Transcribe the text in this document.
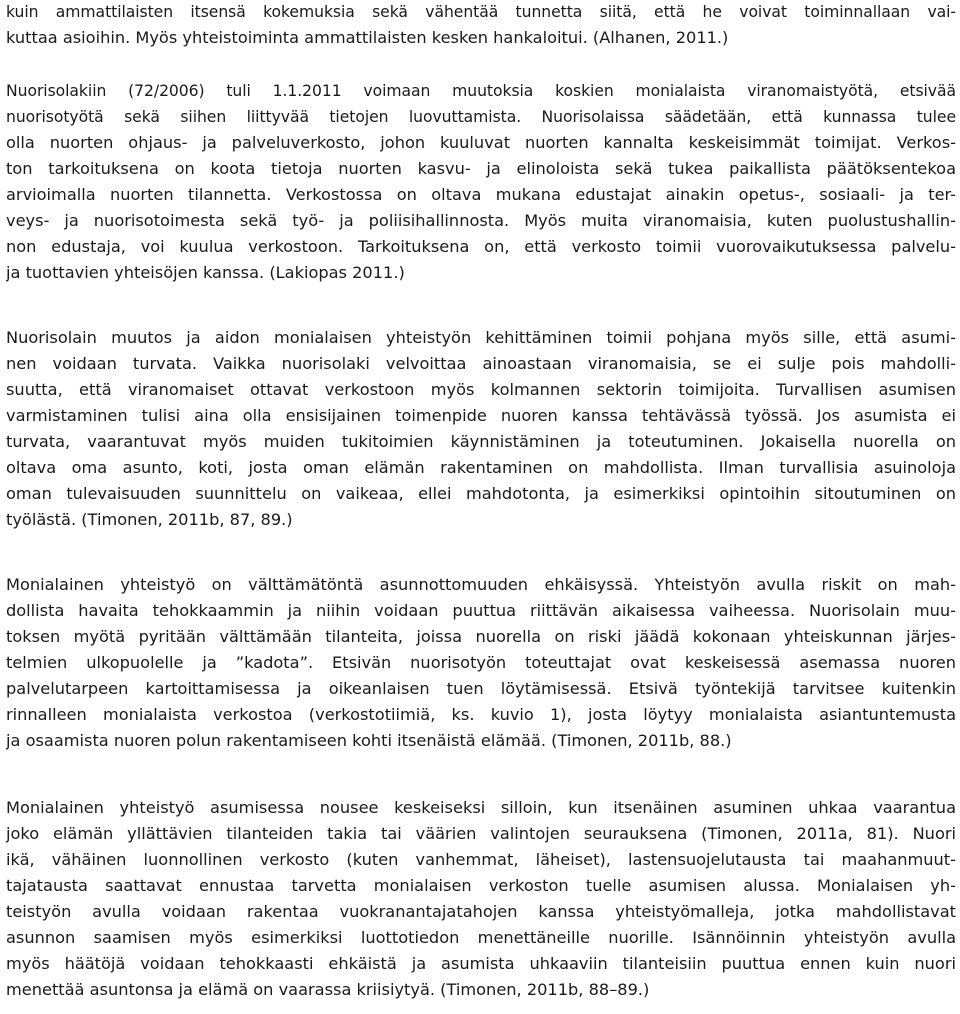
kuin ammattilaisten itsensä kokemuksia sekä vähentää tunnetta siitä, että he voivat toiminnallaan vai-
kuttaa asioihin. Myös yhteistoiminta ammattilaisten kesken hankaloitui. (Alhanen, 2011.)
Nuorisolakiin (72/2006) tuli 1.1.2011 voimaan muutoksia koskien monialaista viranomaistyötä, etsivää
nuorisotyötä sekä siihen liittyvää tietojen luovuttamista. Nuorisolaissa säädetään, että kunnassa tulee
olla nuorten ohjaus- ja palveluverkosto, johon kuuluvat nuorten kannalta keskeisimmät toimijat. Verkos-
ton tarkoituksena on koota tietoja nuorten kasvu- ja elinoloista sekä tukea paikallista päätöksentekoa
arvioimalla nuorten tilannetta. Verkostossa on oltava mukana edustajat ainakin opetus-, sosiaali- ja ter-
veys- ja nuorisotoimesta sekä työ- ja poliisihallinnosta. Myös muita viranomaisia, kuten puolustushallin-
non edustaja, voi kuulua verkostoon. Tarkoituksena on, että verkosto toimii vuorovaikutuksessa palvelu-
ja tuottavien yhteisöjen kanssa. (Lakiopas 2011.)
Nuorisolain muutos ja aidon monialaisen yhteistyön kehittäminen toimii pohjana myös sille, että asumi-
nen voidaan turvata. Vaikka nuorisolaki velvoittaa ainoastaan viranomaisia, se ei sulje pois mahdolli-
suutta, että viranomaiset ottavat verkostoon myös kolmannen sektorin toimijoita. Turvallisen asumisen
varmistaminen tulisi aina olla ensisijainen toimenpide nuoren kanssa tehtävässä työssä. Jos asumista ei
turvata, vaarantuvat myös muiden tukitoimien käynnistäminen ja toteutuminen. Jokaisella nuorella on
oltava oma asunto, koti, josta oman elämän rakentaminen on mahdollista. Ilman turvallisia asuinoloja
oman tulevaisuuden suunnittelu on vaikeaa, ellei mahdotonta, ja esimerkiksi opintoihin sitoutuminen on
työlästä. (Timonen, 2011b, 87, 89.)
Monialainen yhteistyö on välttämätöntä asunnottomuuden ehkäisyssä. Yhteistyön avulla riskit on mah-
dollista havaita tehokkaammin ja niihin voidaan puuttua riittävän aikaisessa vaiheessa. Nuorisolain muu-
toksen myötä pyritään välttämään tilanteita, joissa nuorella on riski jäädä kokonaan yhteiskunnan järjes-
telmien ulkopuolelle ja ”kadota”. Etsivän nuorisotyön toteuttajat ovat keskeisessä asemassa nuoren
palvelutarpeen kartoittamisessa ja oikeanlaisen tuen löytämisessä. Etsivä työntekijä tarvitsee kuitenkin
rinnalleen monialaista verkostoa (verkostotiimiä, ks. kuvio 1), josta löytyy monialaista asiantuntemusta
ja osaamista nuoren polun rakentamiseen kohti itsenäistä elämää. (Timonen, 2011b, 88.)
Monialainen yhteistyö asumisessa nousee keskeiseksi silloin, kun itsenäinen asuminen uhkaa vaarantua
joko elämän yllättävien tilanteiden takia tai väärien valintojen seurauksena (Timonen, 2011a, 81). Nuori
ikä, vähäinen luonnollinen verkosto (kuten vanhemmat, läheiset), lastensuojelutausta tai maahanmuut-
tajatausta saattavat ennustaa tarvetta monialaisen verkoston tuelle asumisen alussa. Monialaisen yh-
teistyön avulla voidaan rakentaa vuokranantajatahojen kanssa yhteistyömalleja, jotka mahdollistavat
asunnon saamisen myös esimerkiksi luottotiedon menettäneille nuorille. Isännöinnin yhteistyön avulla
myös häätöjä voidaan tehokkaasti ehkäistä ja asumista uhkaaviin tilanteisiin puuttua ennen kuin nuori
menettää asuntonsa ja elämä on vaarassa kriisiytyä. (Timonen, 2011b, 88–89.)
